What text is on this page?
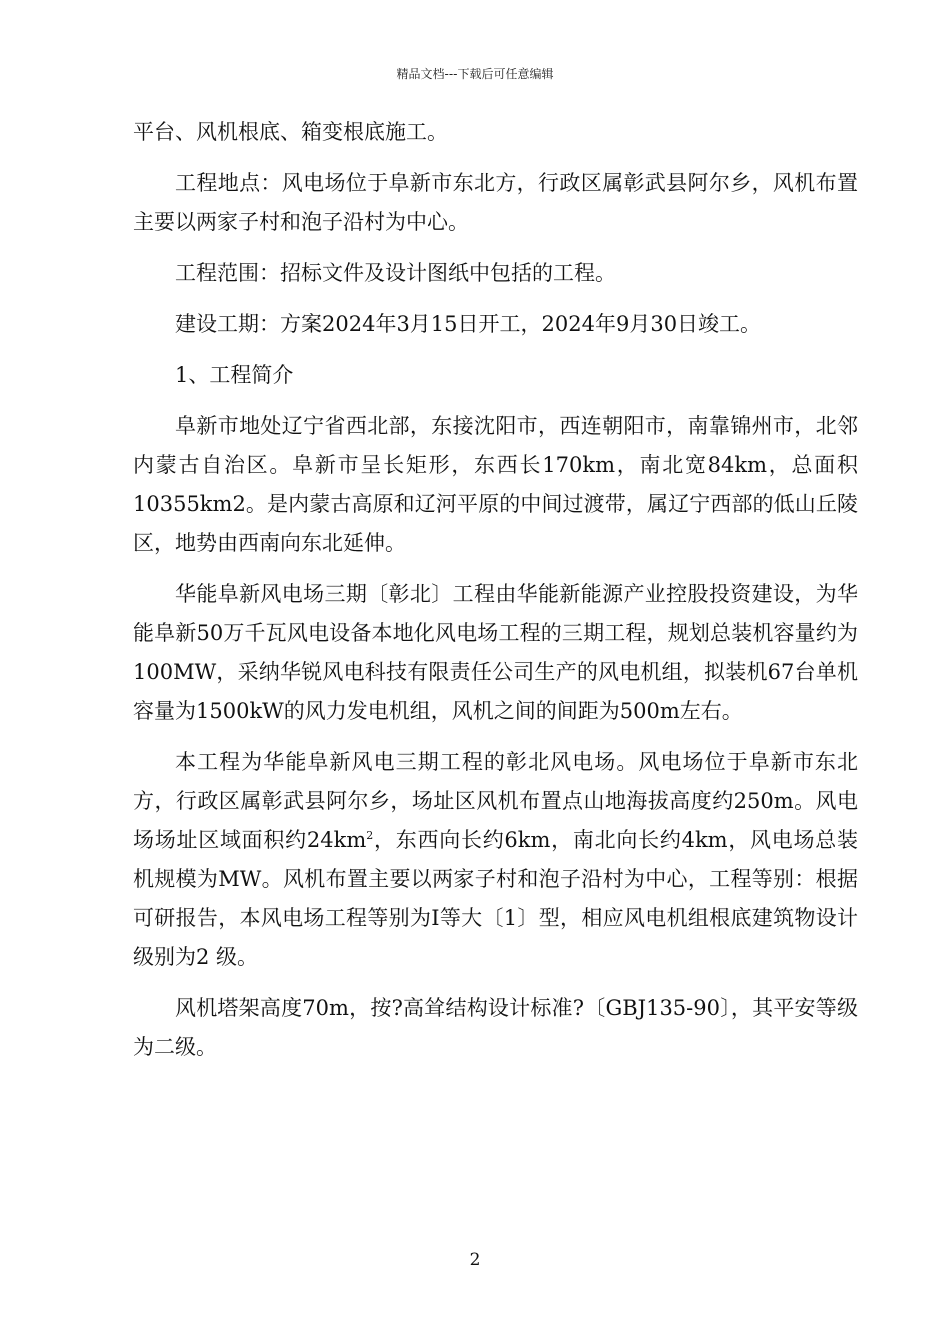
精品文档---下载后可任意编辑

平台、风机根底、箱变根底施工。

工程地点：风电场位于阜新市东北方，行政区属彰武县阿尔乡，风机布置主要以两家子村和泡子沿村为中心。

工程范围：招标文件及设计图纸中包括的工程。

建设工期：方案2024年3月15日开工，2024年9月30日竣工。

1、工程简介

阜新市地处辽宁省西北部，东接沈阳市，西连朝阳市，南靠锦州市，北邻内蒙古自治区。阜新市呈长矩形，东西长170km，南北宽84km，总面积10355km2。是内蒙古高原和辽河平原的中间过渡带，属辽宁西部的低山丘陵区，地势由西南向东北延伸。

华能阜新风电场三期〔彰北〕工程由华能新能源产业控股投资建设，为华能阜新50万千瓦风电设备本地化风电场工程的三期工程，规划总装机容量约为100MW，采纳华锐风电科技有限责任公司生产的风电机组，拟装机67台单机容量为1500kW的风力发电机组，风机之间的间距为500m左右。

本工程为华能阜新风电三期工程的彰北风电场。风电场位于阜新市东北方，行政区属彰武县阿尔乡，场址区风机布置点山地海拔高度约250m。风电场场址区域面积约$24km^2$，东西向长约6km，南北向长约4km，风电场总装机规模为MW。风机布置主要以两家子村和泡子沿村为中心，工程等别：根据可研报告，本风电场工程等别为Ⅰ等大〔1〕型，相应风电机组根底建筑物设计级别为2 级。

风机塔架高度70m，按?高耸结构设计标准?〔GBJ135-90〕，其平安等级为二级。

2
